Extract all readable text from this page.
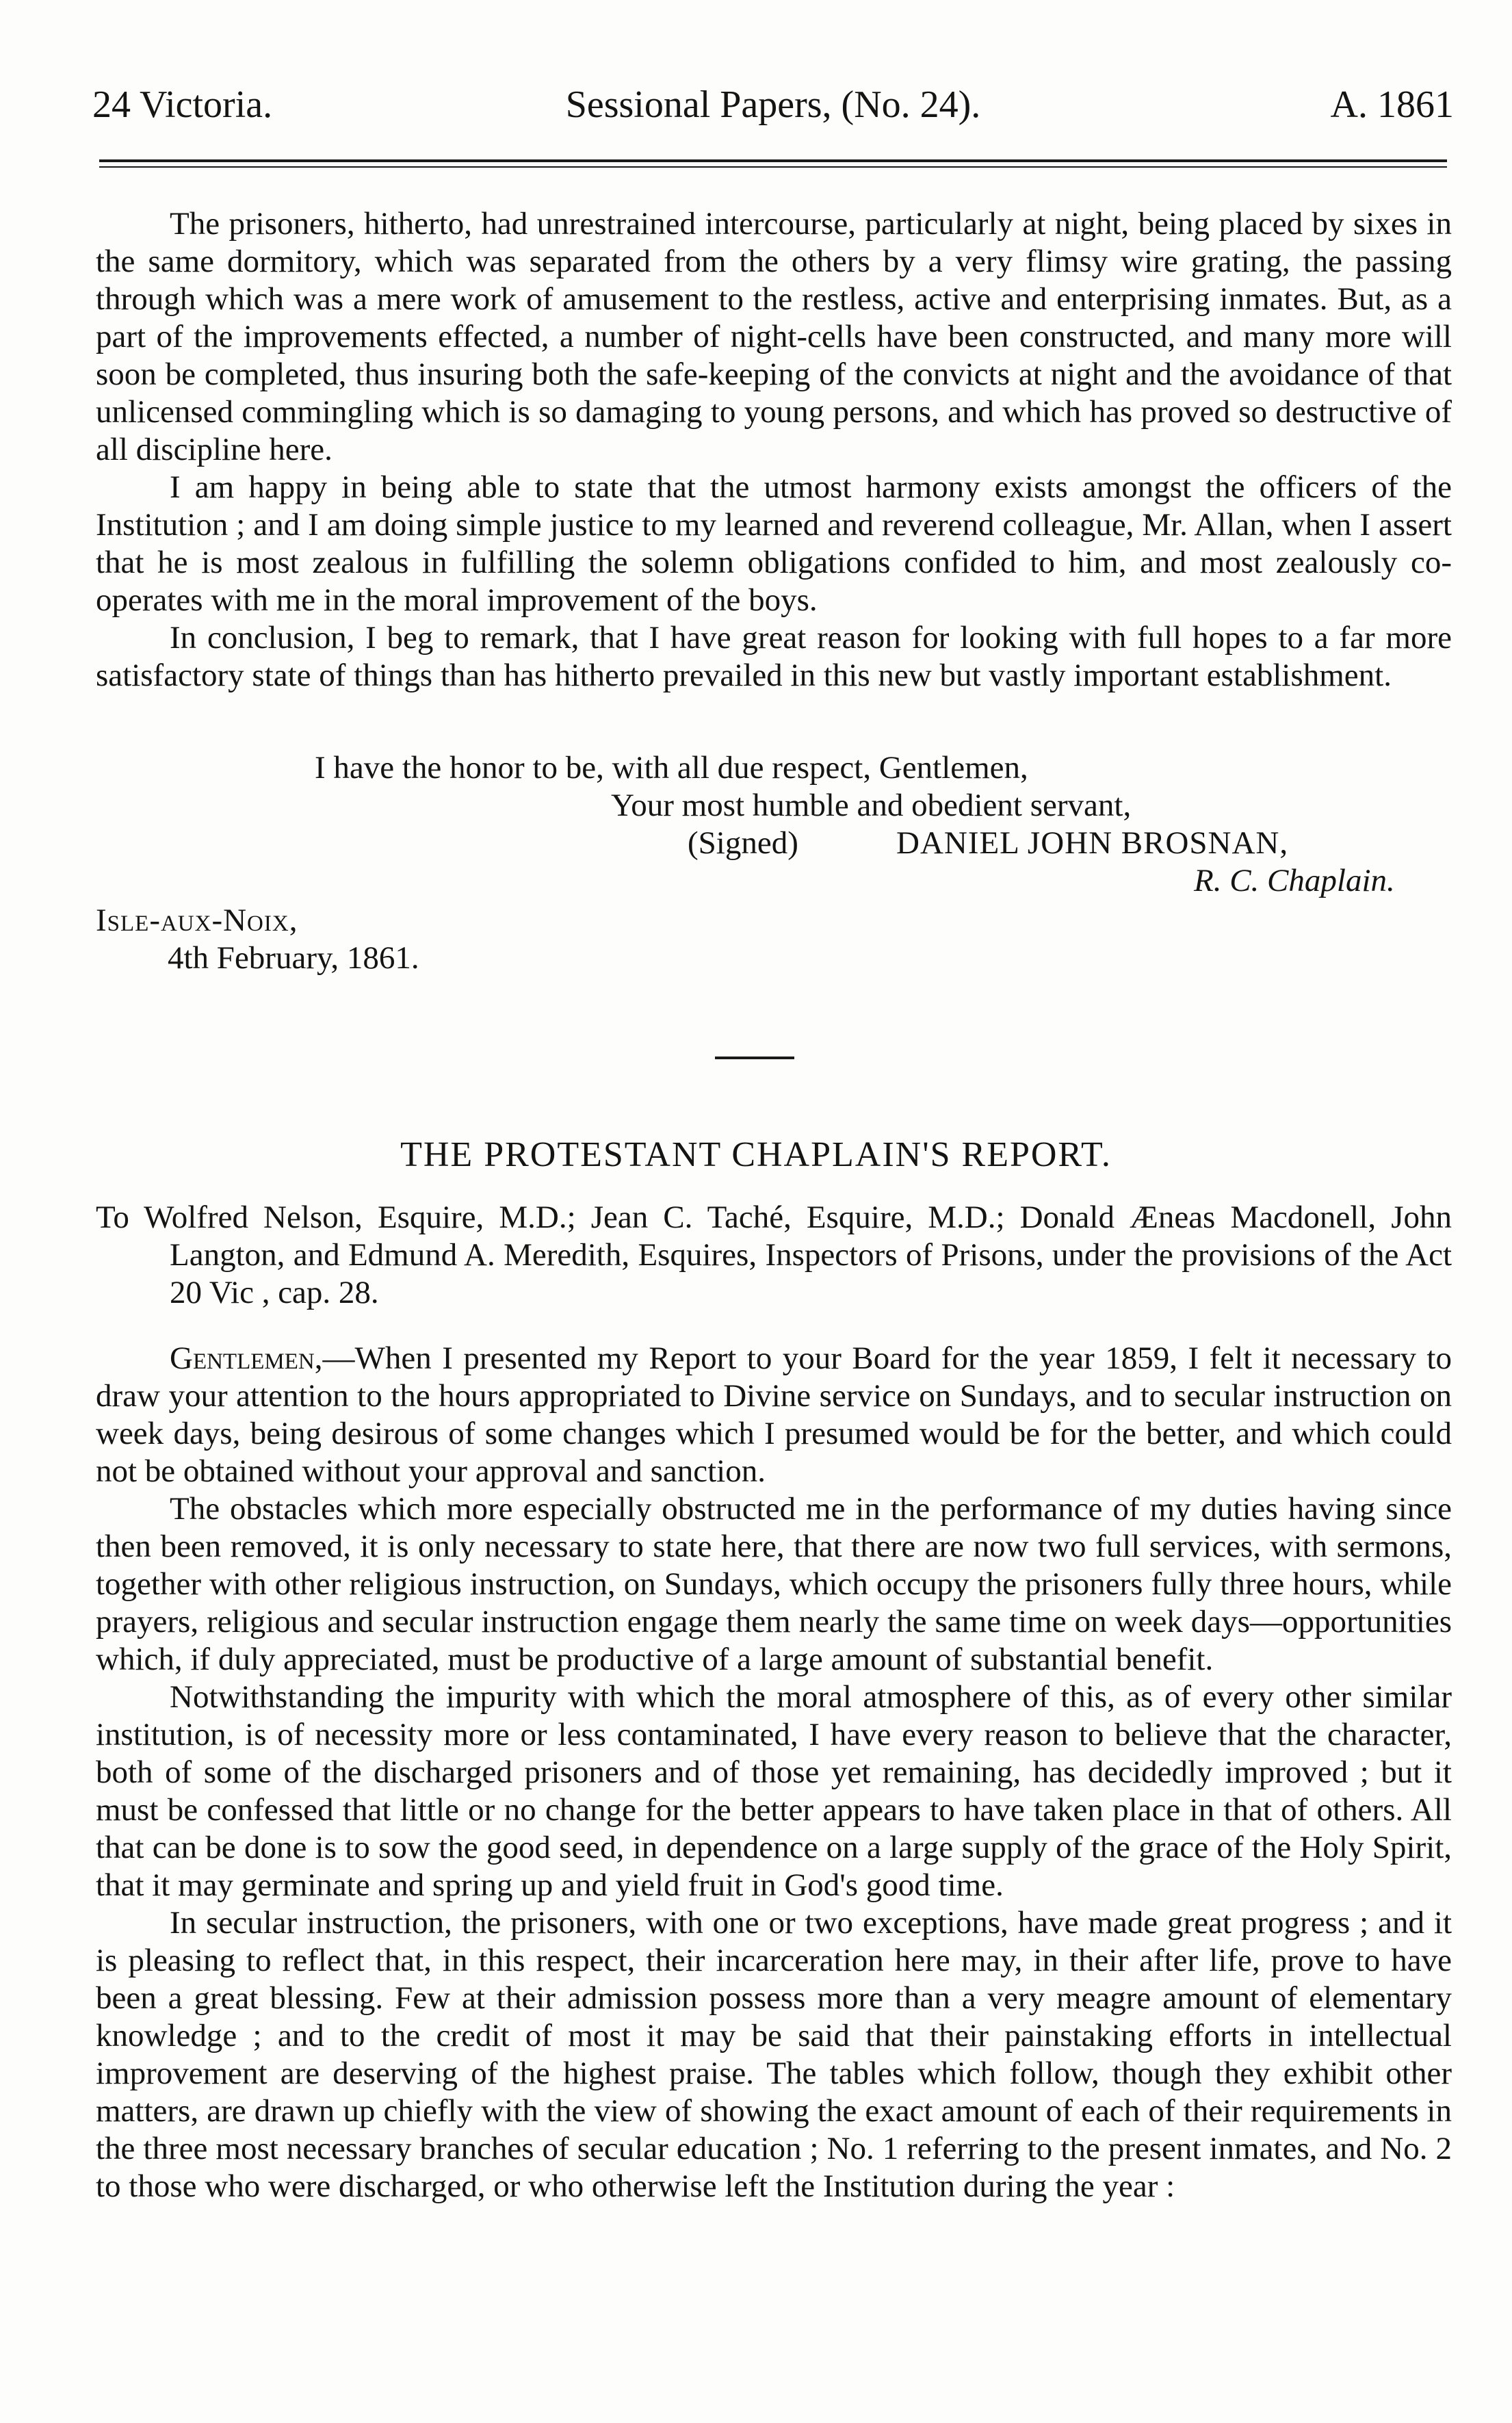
24 Victoria.	Sessional Papers, (No. 24).	A. 1861

The prisoners, hitherto, had unrestrained intercourse, particularly at night, being placed by sixes in the same dormitory, which was separated from the others by a very flimsy wire grating, the passing through which was a mere work of amusement to the restless, active and enterprising inmates. But, as a part of the improvements effected, a number of night-cells have been constructed, and many more will soon be completed, thus insuring both the safe-keeping of the convicts at night and the avoidance of that unlicensed commingling which is so damaging to young persons, and which has proved so destructive of all discipline here.

I am happy in being able to state that the utmost harmony exists amongst the officers of the Institution ; and I am doing simple justice to my learned and reverend colleague, Mr. Allan, when I assert that he is most zealous in fulfilling the solemn obligations confided to him, and most zealously co-operates with me in the moral improvement of the boys.

In conclusion, I beg to remark, that I have great reason for looking with full hopes to a far more satisfactory state of things than has hitherto prevailed in this new but vastly important establishment.

I have the honor to be, with all due respect, Gentlemen,
Your most humble and obedient servant,
(Signed)	DANIEL JOHN BROSNAN,
R. C. Chaplain.
Isle-aux-Noix,
4th February, 1861.
THE PROTESTANT CHAPLAIN'S REPORT.
To Wolfred Nelson, Esquire, M.D.; Jean C. Taché, Esquire, M.D.; Donald Æneas Macdonell, John Langton, and Edmund A. Meredith, Esquires, Inspectors of Prisons, under the provisions of the Act 20 Vic , cap. 28.

Gentlemen,—When I presented my Report to your Board for the year 1859, I felt it necessary to draw your attention to the hours appropriated to Divine service on Sundays, and to secular instruction on week days, being desirous of some changes which I presumed would be for the better, and which could not be obtained without your approval and sanction.

The obstacles which more especially obstructed me in the performance of my duties having since then been removed, it is only necessary to state here, that there are now two full services, with sermons, together with other religious instruction, on Sundays, which occupy the prisoners fully three hours, while prayers, religious and secular instruction engage them nearly the same time on week days—opportunities which, if duly appreciated, must be productive of a large amount of substantial benefit.

Notwithstanding the impurity with which the moral atmosphere of this, as of every other similar institution, is of necessity more or less contaminated, I have every reason to believe that the character, both of some of the discharged prisoners and of those yet remaining, has decidedly improved ; but it must be confessed that little or no change for the better appears to have taken place in that of others. All that can be done is to sow the good seed, in dependence on a large supply of the grace of the Holy Spirit, that it may germinate and spring up and yield fruit in God's good time.

In secular instruction, the prisoners, with one or two exceptions, have made great progress ; and it is pleasing to reflect that, in this respect, their incarceration here may, in their after life, prove to have been a great blessing. Few at their admission possess more than a very meagre amount of elementary knowledge ; and to the credit of most it may be said that their painstaking efforts in intellectual improvement are deserving of the highest praise. The tables which follow, though they exhibit other matters, are drawn up chiefly with the view of showing the exact amount of each of their requirements in the three most necessary branches of secular education ; No. 1 referring to the present inmates, and No. 2 to those who were discharged, or who otherwise left the Institution during the year :
